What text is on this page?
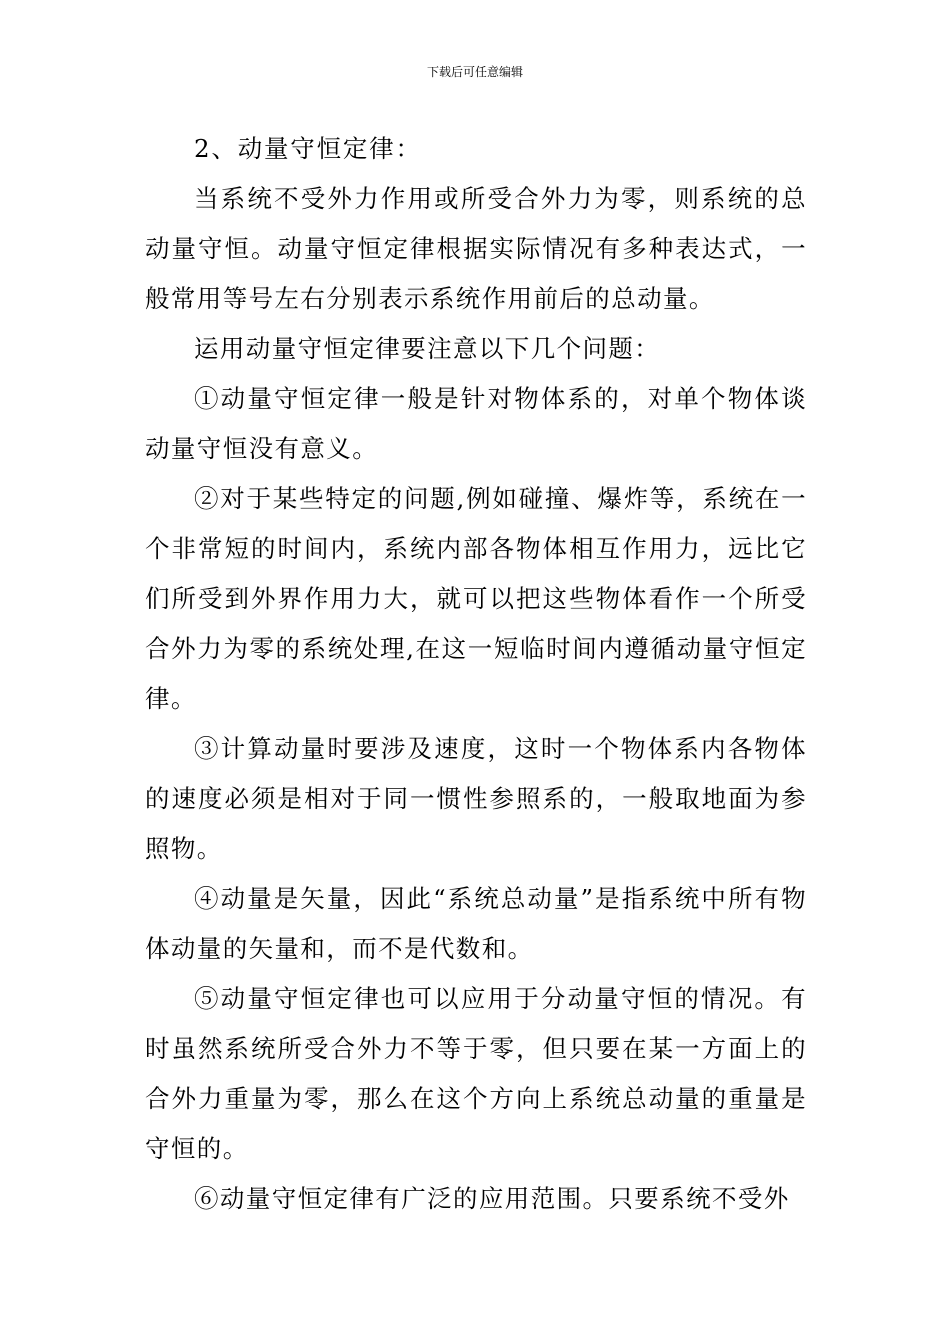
下载后可任意编辑

2、动量守恒定律：

当系统不受外力作用或所受合外力为零，则系统的总动量守恒。动量守恒定律根据实际情况有多种表达式，一般常用等号左右分别表示系统作用前后的总动量。

运用动量守恒定律要注意以下几个问题：

①动量守恒定律一般是针对物体系的，对单个物体谈动量守恒没有意义。

②对于某些特定的问题,例如碰撞、爆炸等，系统在一个非常短的时间内，系统内部各物体相互作用力，远比它们所受到外界作用力大，就可以把这些物体看作一个所受合外力为零的系统处理,在这一短临时间内遵循动量守恒定律。

③计算动量时要涉及速度，这时一个物体系内各物体的速度必须是相对于同一惯性参照系的，一般取地面为参照物。

④动量是矢量，因此“系统总动量”是指系统中所有物体动量的矢量和，而不是代数和。

⑤动量守恒定律也可以应用于分动量守恒的情况。有时虽然系统所受合外力不等于零，但只要在某一方面上的合外力重量为零，那么在这个方向上系统总动量的重量是守恒的。

⑥动量守恒定律有广泛的应用范围。只要系统不受外
